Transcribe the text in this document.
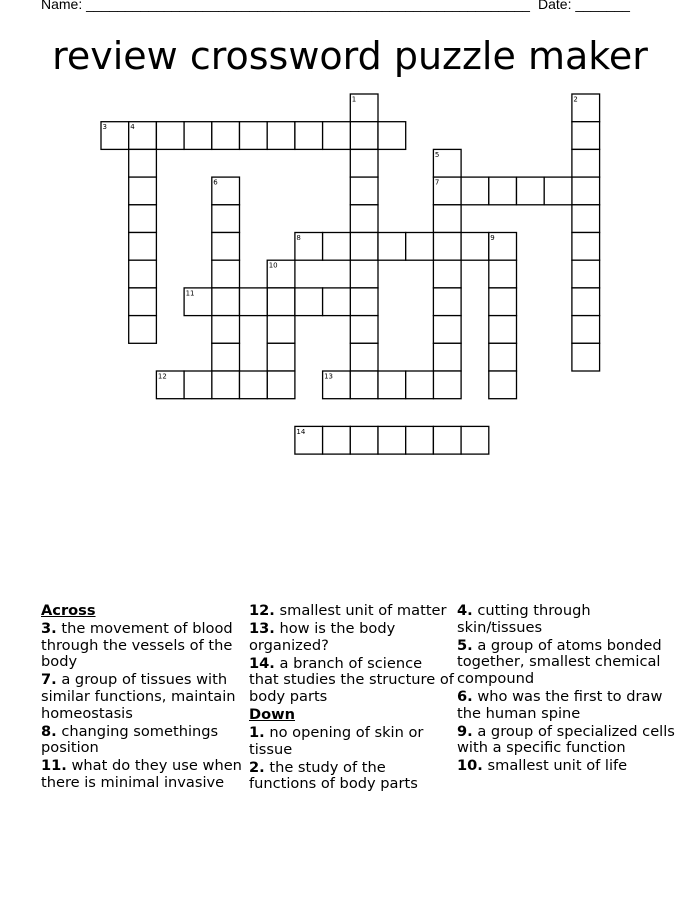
Name: _________________________________________________________ Date: _______
review crossword puzzle maker
1	2
3	4
5
6	7
8	9
10
11
12	13
14
Across
3. the movement of blood through the vessels of the body
7. a group of tissues with similar functions, maintain homeostasis
8. changing somethings position
11. what do they use when there is minimal invasive
12. smallest unit of matter
13. how is the body organized?
14. a branch of science that studies the structure of body parts
Down
1. no opening of skin or tissue
2. the study of the functions of body parts
4. cutting through skin/tissues
5. a group of atoms bonded together, smallest chemical compound
6. who was the first to draw the human spine
9. a group of specialized cells with a specific function
10. smallest unit of life
